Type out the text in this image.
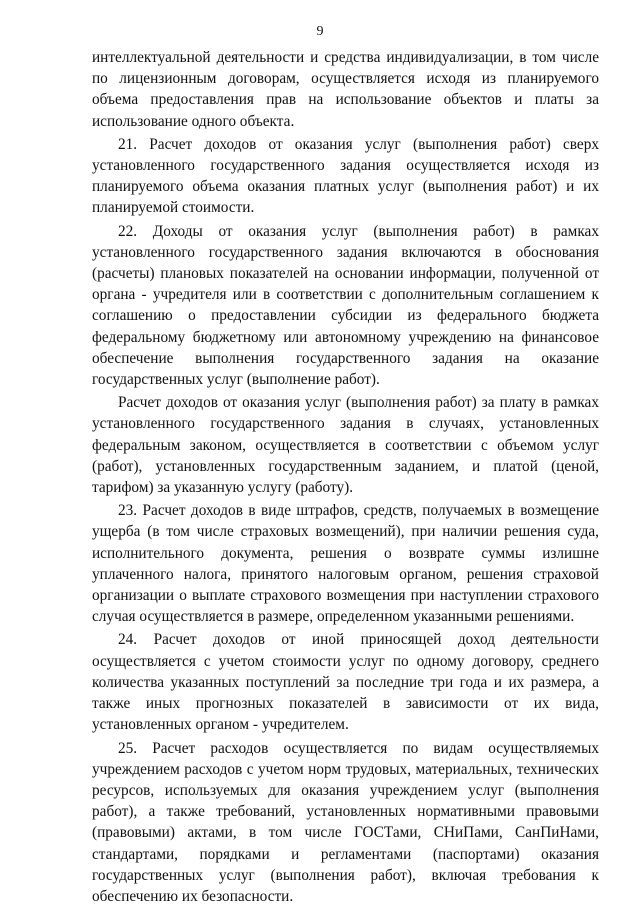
9

интеллектуальной деятельности и средства индивидуализации, в том числе по лицензионным договорам, осуществляется исходя из планируемого объема предоставления прав на использование объектов и платы за использование одного объекта.

21. Расчет доходов от оказания услуг (выполнения работ) сверх установленного государственного задания осуществляется исходя из планируемого объема оказания платных услуг (выполнения работ) и их планируемой стоимости.

22. Доходы от оказания услуг (выполнения работ) в рамках установленного государственного задания включаются в обоснования (расчеты) плановых показателей на основании информации, полученной от органа - учредителя или в соответствии с дополнительным соглашением к соглашению о предоставлении субсидии из федерального бюджета федеральному бюджетному или автономному учреждению на финансовое обеспечение выполнения государственного задания на оказание государственных услуг (выполнение работ).

Расчет доходов от оказания услуг (выполнения работ) за плату в рамках установленного государственного задания в случаях, установленных федеральным законом, осуществляется в соответствии с объемом услуг (работ), установленных государственным заданием, и платой (ценой, тарифом) за указанную услугу (работу).

23. Расчет доходов в виде штрафов, средств, получаемых в возмещение ущерба (в том числе страховых возмещений), при наличии решения суда, исполнительного документа, решения о возврате суммы излишне уплаченного налога, принятого налоговым органом, решения страховой организации о выплате страхового возмещения при наступлении страхового случая осуществляется в размере, определенном указанными решениями.

24. Расчет доходов от иной приносящей доход деятельности осуществляется с учетом стоимости услуг по одному договору, среднего количества указанных поступлений за последние три года и их размера, а также иных прогнозных показателей в зависимости от их вида, установленных органом - учредителем.

25. Расчет расходов осуществляется по видам осуществляемых учреждением расходов с учетом норм трудовых, материальных, технических ресурсов, используемых для оказания учреждением услуг (выполнения работ), а также требований, установленных нормативными правовыми (правовыми) актами, в том числе ГОСТами, СНиПами, СанПиНами, стандартами, порядками и регламентами (паспортами) оказания государственных услуг (выполнения работ), включая требования к обеспечению их безопасности.
